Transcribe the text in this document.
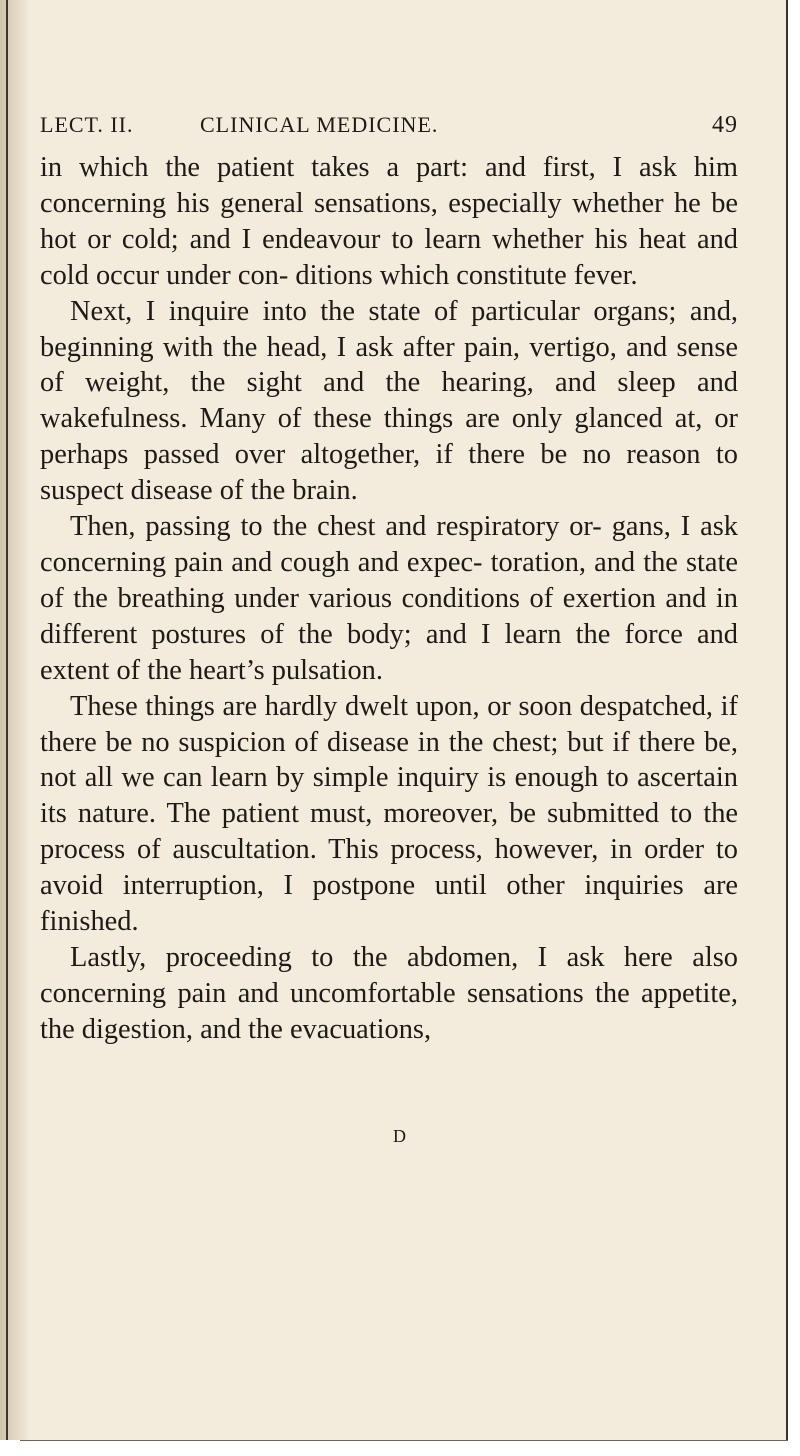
LECT. II.	CLINICAL MEDICINE.	49

in which the patient takes a part: and first, I ask him concerning his general sensations, especially whether he be hot or cold; and I endeavour to learn whether his heat and cold occur under con- ditions which constitute fever.

Next, I inquire into the state of particular organs; and, beginning with the head, I ask after pain, vertigo, and sense of weight, the sight and the hearing, and sleep and wakefulness. Many of these things are only glanced at, or perhaps passed over altogether, if there be no reason to suspect disease of the brain.

Then, passing to the chest and respiratory or- gans, I ask concerning pain and cough and expec- toration, and the state of the breathing under various conditions of exertion and in different postures of the body; and I learn the force and extent of the heart’s pulsation.

These things are hardly dwelt upon, or soon despatched, if there be no suspicion of disease in the chest; but if there be, not all we can learn by simple inquiry is enough to ascertain its nature. The patient must, moreover, be submitted to the process of auscultation. This process, however, in order to avoid interruption, I postpone until other inquiries are finished.

Lastly, proceeding to the abdomen, I ask here also concerning pain and uncomfortable sensations the appetite, the digestion, and the evacuations,

D
